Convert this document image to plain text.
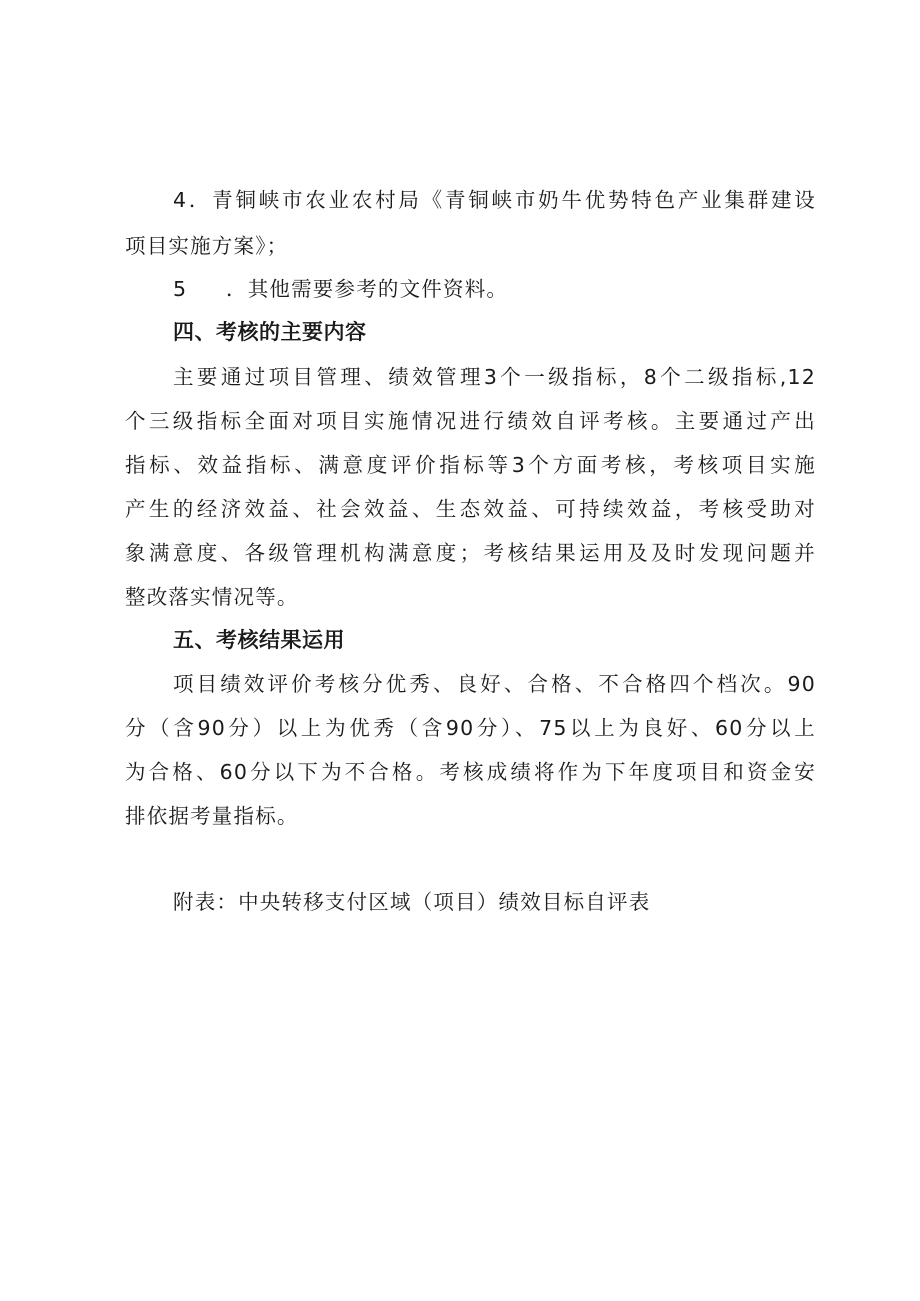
4．青铜峡市农业农村局《青铜峡市奶牛优势特色产业集群建设
项目实施方案》；
5 ．其他需要参考的文件资料。
四、考核的主要内容
主要通过项目管理、绩效管理3个一级指标，8个二级指标,12
个三级指标全面对项目实施情况进行绩效自评考核。主要通过产出
指标、效益指标、满意度评价指标等3个方面考核，考核项目实施
产生的经济效益、社会效益、生态效益、可持续效益，考核受助对
象满意度、各级管理机构满意度；考核结果运用及及时发现问题并
整改落实情况等。
五、考核结果运用
项目绩效评价考核分优秀、良好、合格、不合格四个档次。90
分（含90分）以上为优秀（含90分）、75以上为良好、60分以上
为合格、60分以下为不合格。考核成绩将作为下年度项目和资金安
排依据考量指标。
附表：中央转移支付区域（项目）绩效目标自评表
